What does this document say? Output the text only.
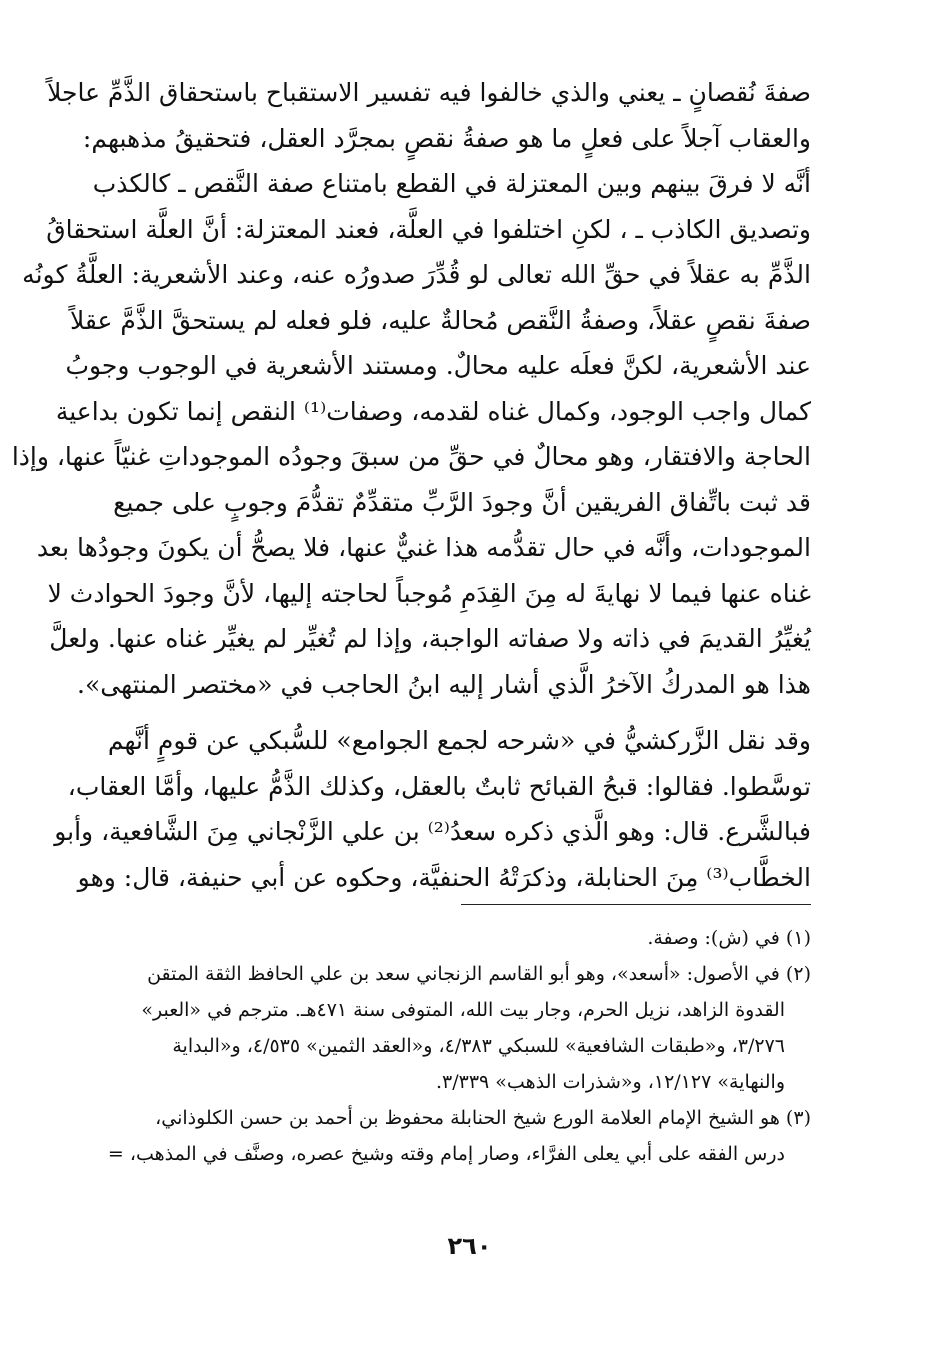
صفةَ نُقصانٍ ـ يعني والذي خالفوا فيه تفسير الاستقباح باستحقاق الذَّمِّ عاجلاً
والعقاب آجلاً على فعلٍ ما هو صفةُ نقصٍ بمجرَّد العقل، فتحقيقُ مذهبهم:
أنَّه لا فرقَ بينهم وبين المعتزلة في القطع بامتناع صفة النَّقص ـ كالكذب
وتصديق الكاذب ـ ، لكنِ اختلفوا في العلَّة، فعند المعتزلة: أنَّ العلَّة استحقاقُ
الذَّمِّ به عقلاً في حقِّ الله تعالى لو قُدِّرَ صدورُه عنه، وعند الأشعرية: العلَّةُ كونُه
صفةَ نقصٍ عقلاً، وصفةُ النَّقص مُحالةٌ عليه، فلو فعله لم يستحقَّ الذَّمَّ عقلاً
عند الأشعرية، لكنَّ فعلَه عليه محالٌ. ومستند الأشعرية في الوجوب وجوبُ
كمال واجب الوجود، وكمال غناه لقدمه، وصفات⁽¹⁾ النقص إنما تكون بداعية
الحاجة والافتقار، وهو محالٌ في حقِّ من سبقَ وجودُه الموجوداتِ غنيّاً عنها، وإذا
قد ثبت باتِّفاق الفريقين أنَّ وجودَ الرَّبِّ متقدِّمٌ تقدُّمَ وجوبٍ على جميع
الموجودات، وأنَّه في حال تقدُّمه هذا غنيٌّ عنها، فلا يصحُّ أن يكونَ وجودُها بعد
غناه عنها فيما لا نهايةَ له مِنَ القِدَمِ مُوجباً لحاجته إليها، لأنَّ وجودَ الحوادث لا
يُغيِّرُ القديمَ في ذاته ولا صفاته الواجبة، وإذا لم تُغيِّر لم يغيِّر غناه عنها. ولعلَّ
هذا هو المدركُ الآخرُ الَّذي أشار إليه ابنُ الحاجب في «مختصر المنتهى».
وقد نقل الزَّركشيُّ في «شرحه لجمع الجوامع» للسُّبكي عن قومٍ أنَّهم
توسَّطوا. فقالوا: قبحُ القبائح ثابتٌ بالعقل، وكذلك الذَّمُّ عليها، وأمَّا العقاب،
فبالشَّرع. قال: وهو الَّذي ذكره سعدُ⁽²⁾ بن علي الزَّنْجاني مِنَ الشَّافعية، وأبو
الخطَّاب⁽³⁾ مِنَ الحنابلة، وذكرَتْهُ الحنفيَّة، وحكوه عن أبي حنيفة، قال: وهو
(١) في (ش): وصفة.
(٢) في الأصول: «أسعد»، وهو أبو القاسم الزنجاني سعد بن علي الحافظ الثقة المتقن
القدوة الزاهد، نزيل الحرم، وجار بيت الله، المتوفى سنة ٤٧١هـ. مترجم في «العبر»
٣/٢٧٦، و«طبقات الشافعية» للسبكي ٤/٣٨٣، و«العقد الثمين» ٤/٥٣٥، و«البداية
والنهاية» ١٢/١٢٧، و«شذرات الذهب» ٣/٣٣٩.
(٣) هو الشيخ الإمام العلامة الورع شيخ الحنابلة محفوظ بن أحمد بن حسن الكلوذاني،
درس الفقه على أبي يعلى الفرَّاء، وصار إمام وقته وشيخ عصره، وصنَّف في المذهب، =
٢٦٠
